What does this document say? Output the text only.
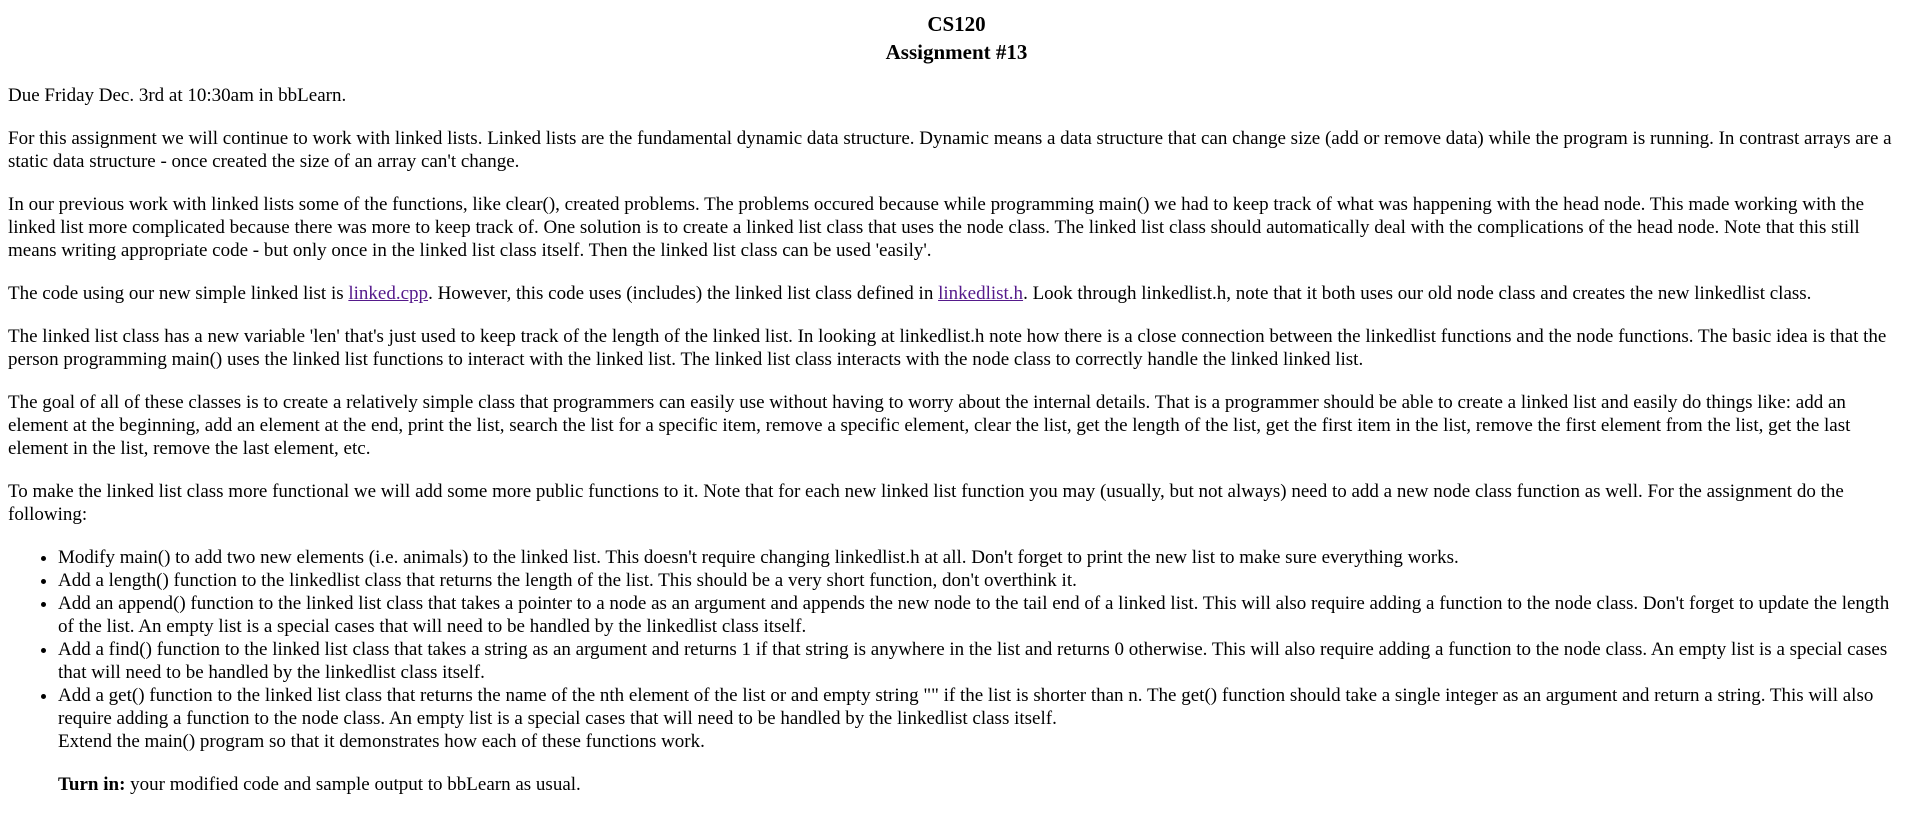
CS120
Assignment #13

Due Friday Dec. 3rd at 10:30am in bbLearn.

For this assignment we will continue to work with linked lists. Linked lists are the fundamental dynamic data structure. Dynamic means a data structure that can change size (add or remove data) while the program is running. In contrast arrays are a static data structure - once created the size of an array can't change.

In our previous work with linked lists some of the functions, like clear(), created problems. The problems occured because while programming main() we had to keep track of what was happening with the head node. This made working with the linked list more complicated because there was more to keep track of. One solution is to create a linked list class that uses the node class. The linked list class should automatically deal with the complications of the head node. Note that this still means writing appropriate code - but only once in the linked list class itself. Then the linked list class can be used 'easily'.

The code using our new simple linked list is linked.cpp. However, this code uses (includes) the linked list class defined in linkedlist.h. Look through linkedlist.h, note that it both uses our old node class and creates the new linkedlist class.

The linked list class has a new variable 'len' that's just used to keep track of the length of the linked list. In looking at linkedlist.h note how there is a close connection between the linkedlist functions and the node functions. The basic idea is that the person programming main() uses the linked list functions to interact with the linked list. The linked list class interacts with the node class to correctly handle the linked linked list.

The goal of all of these classes is to create a relatively simple class that programmers can easily use without having to worry about the internal details. That is a programmer should be able to create a linked list and easily do things like: add an element at the beginning, add an element at the end, print the list, search the list for a specific item, remove a specific element, clear the list, get the length of the list, get the first item in the list, remove the first element from the list, get the last element in the list, remove the last element, etc.

To make the linked list class more functional we will add some more public functions to it. Note that for each new linked list function you may (usually, but not always) need to add a new node class function as well. For the assignment do the following:

• Modify main() to add two new elements (i.e. animals) to the linked list. This doesn't require changing linkedlist.h at all. Don't forget to print the new list to make sure everything works.
• Add a length() function to the linkedlist class that returns the length of the list. This should be a very short function, don't overthink it.
• Add an append() function to the linked list class that takes a pointer to a node as an argument and appends the new node to the tail end of a linked list. This will also require adding a function to the node class. Don't forget to update the length of the list. An empty list is a special cases that will need to be handled by the linkedlist class itself.
• Add a find() function to the linked list class that takes a string as an argument and returns 1 if that string is anywhere in the list and returns 0 otherwise. This will also require adding a function to the node class. An empty list is a special cases that will need to be handled by the linkedlist class itself.
• Add a get() function to the linked list class that returns the name of the nth element of the list or and empty string "" if the list is shorter than n. The get() function should take a single integer as an argument and return a string. This will also require adding a function to the node class. An empty list is a special cases that will need to be handled by the linkedlist class itself.
Extend the main() program so that it demonstrates how each of these functions work.
Turn in: your modified code and sample output to bbLearn as usual.
